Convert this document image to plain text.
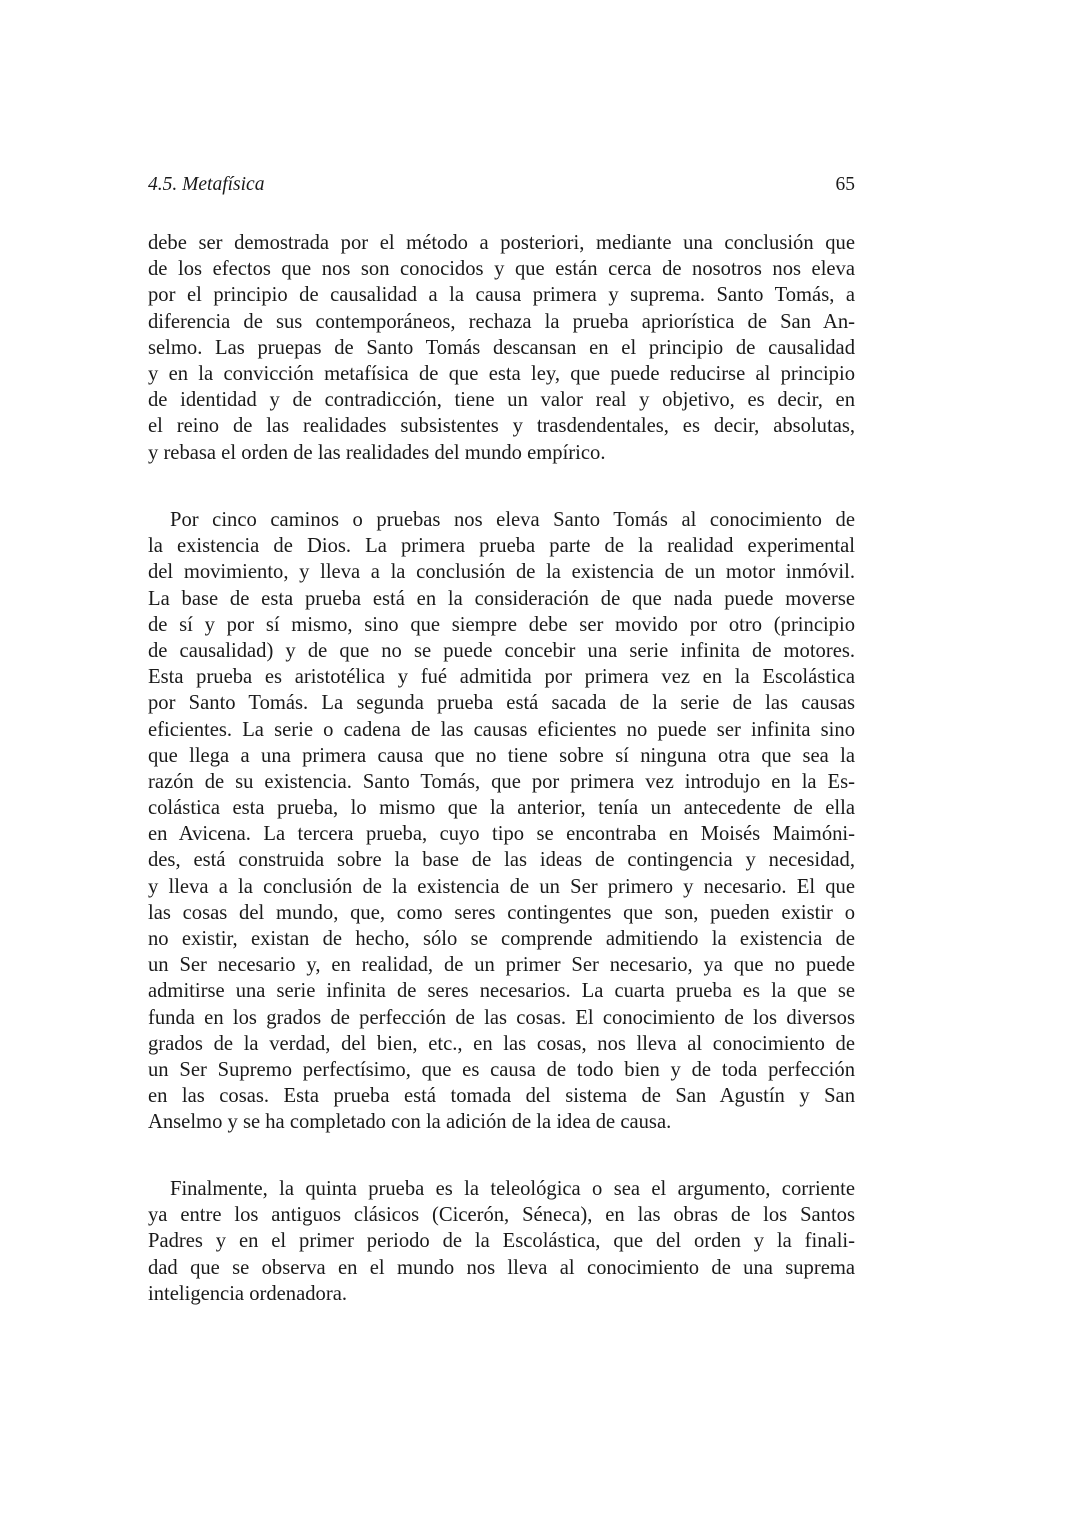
4.5. Metafísica	65
debe ser demostrada por el método a posteriori, mediante una conclusión que
de los efectos que nos son conocidos y que están cerca de nosotros nos eleva
por el principio de causalidad a la causa primera y suprema. Santo Tomás, a
diferencia de sus contemporáneos, rechaza la prueba apriorística de San An-
selmo. Las pruepas de Santo Tomás descansan en el principio de causalidad
y en la convicción metafísica de que esta ley, que puede reducirse al principio
de identidad y de contradicción, tiene un valor real y objetivo, es decir, en
el reino de las realidades subsistentes y trasdendentales, es decir, absolutas,
y rebasa el orden de las realidades del mundo empírico.
Por cinco caminos o pruebas nos eleva Santo Tomás al conocimiento de
la existencia de Dios. La primera prueba parte de la realidad experimental
del movimiento, y lleva a la conclusión de la existencia de un motor inmóvil.
La base de esta prueba está en la consideración de que nada puede moverse
de sí y por sí mismo, sino que siempre debe ser movido por otro (principio
de causalidad) y de que no se puede concebir una serie infinita de motores.
Esta prueba es aristotélica y fué admitida por primera vez en la Escolástica
por Santo Tomás. La segunda prueba está sacada de la serie de las causas
eficientes. La serie o cadena de las causas eficientes no puede ser infinita sino
que llega a una primera causa que no tiene sobre sí ninguna otra que sea la
razón de su existencia. Santo Tomás, que por primera vez introdujo en la Es-
colástica esta prueba, lo mismo que la anterior, tenía un antecedente de ella
en Avicena. La tercera prueba, cuyo tipo se encontraba en Moisés Maimóni-
des, está construida sobre la base de las ideas de contingencia y necesidad,
y lleva a la conclusión de la existencia de un Ser primero y necesario. El que
las cosas del mundo, que, como seres contingentes que son, pueden existir o
no existir, existan de hecho, sólo se comprende admitiendo la existencia de
un Ser necesario y, en realidad, de un primer Ser necesario, ya que no puede
admitirse una serie infinita de seres necesarios. La cuarta prueba es la que se
funda en los grados de perfección de las cosas. El conocimiento de los diversos
grados de la verdad, del bien, etc., en las cosas, nos lleva al conocimiento de
un Ser Supremo perfectísimo, que es causa de todo bien y de toda perfección
en las cosas. Esta prueba está tomada del sistema de San Agustín y San
Anselmo y se ha completado con la adición de la idea de causa.
Finalmente, la quinta prueba es la teleológica o sea el argumento, corriente
ya entre los antiguos clásicos (Cicerón, Séneca), en las obras de los Santos
Padres y en el primer periodo de la Escolástica, que del orden y la finali-
dad que se observa en el mundo nos lleva al conocimiento de una suprema
inteligencia ordenadora.
